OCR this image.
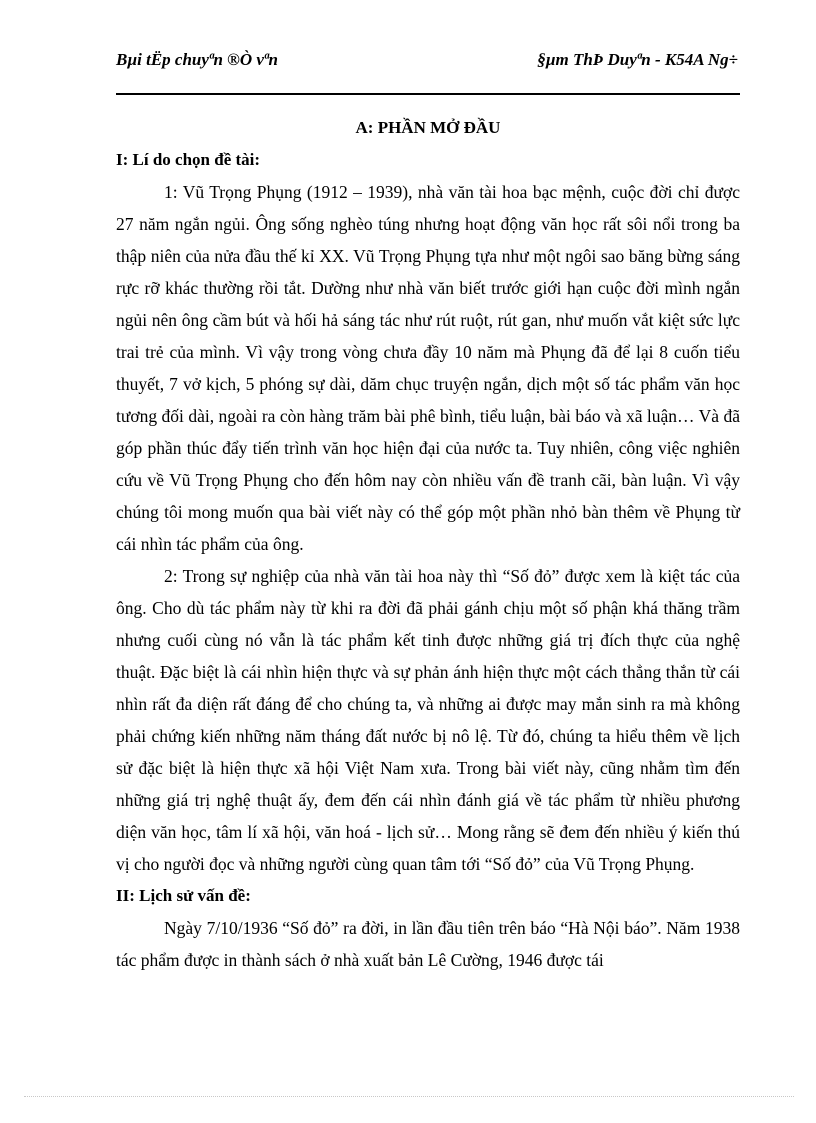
Bµi tËp chuyªn ®Ò vªn	§µm ThÞ Duyªn - K54A Ng÷

A: PHẦN MỞ ĐẦU

I: Lí do chọn đề tài:

1: Vũ Trọng Phụng (1912 – 1939), nhà văn tài hoa bạc mệnh, cuộc đời chỉ được 27 năm ngắn ngủi. Ông sống nghèo túng nhưng hoạt động văn học rất sôi nổi trong ba thập niên của nửa đầu thế kỉ XX. Vũ Trọng Phụng tựa như một ngôi sao băng bừng sáng rực rỡ khác thường rồi tắt. Dường như nhà văn biết trước giới hạn cuộc đời mình ngắn ngủi nên ông cầm bút và hối hả sáng tác như rút ruột, rút gan, như muốn vắt kiệt sức lực trai trẻ của mình. Vì vậy trong vòng chưa đầy 10 năm mà Phụng đã để lại 8 cuốn tiểu thuyết, 7 vở kịch, 5 phóng sự dài, dăm chục truyện ngắn, dịch một số tác phẩm văn học tương đối dài, ngoài ra còn hàng trăm bài phê bình, tiểu luận, bài báo và xã luận… Và đã góp phần thúc đẩy tiến trình văn học hiện đại của nước ta. Tuy nhiên, công việc nghiên cứu về Vũ Trọng Phụng cho đến hôm nay còn nhiều vấn đề tranh cãi, bàn luận. Vì vậy chúng tôi mong muốn qua bài viết này có thể góp một phần nhỏ bàn thêm về Phụng từ cái nhìn tác phẩm của ông.

2: Trong sự nghiệp của nhà văn tài hoa này thì “Số đỏ” được xem là kiệt tác của ông. Cho dù tác phẩm này từ khi ra đời đã phải gánh chịu một số phận khá thăng trầm nhưng cuối cùng nó vẫn là tác phẩm kết tinh được những giá trị đích thực của nghệ thuật. Đặc biệt là cái nhìn hiện thực và sự phản ánh hiện thực một cách thẳng thắn từ cái nhìn rất đa diện rất đáng để cho chúng ta, và những ai được may mắn sinh ra mà không phải chứng kiến những năm tháng đất nước bị nô lệ. Từ đó, chúng ta hiểu thêm về lịch sử đặc biệt là hiện thực xã hội Việt Nam xưa. Trong bài viết này, cũng nhằm tìm đến những giá trị nghệ thuật ấy, đem đến cái nhìn đánh giá về tác phẩm từ nhiều phương diện văn học, tâm lí xã hội, văn hoá - lịch sử… Mong rằng sẽ đem đến nhiều ý kiến thú vị cho người đọc và những người cùng quan tâm tới “Số đỏ” của Vũ Trọng Phụng.

II: Lịch sử vấn đề:

Ngày 7/10/1936 “Số đỏ” ra đời, in lần đầu tiên trên báo “Hà Nội báo”. Năm 1938 tác phẩm được in thành sách ở nhà xuất bản Lê Cường, 1946 được tái
